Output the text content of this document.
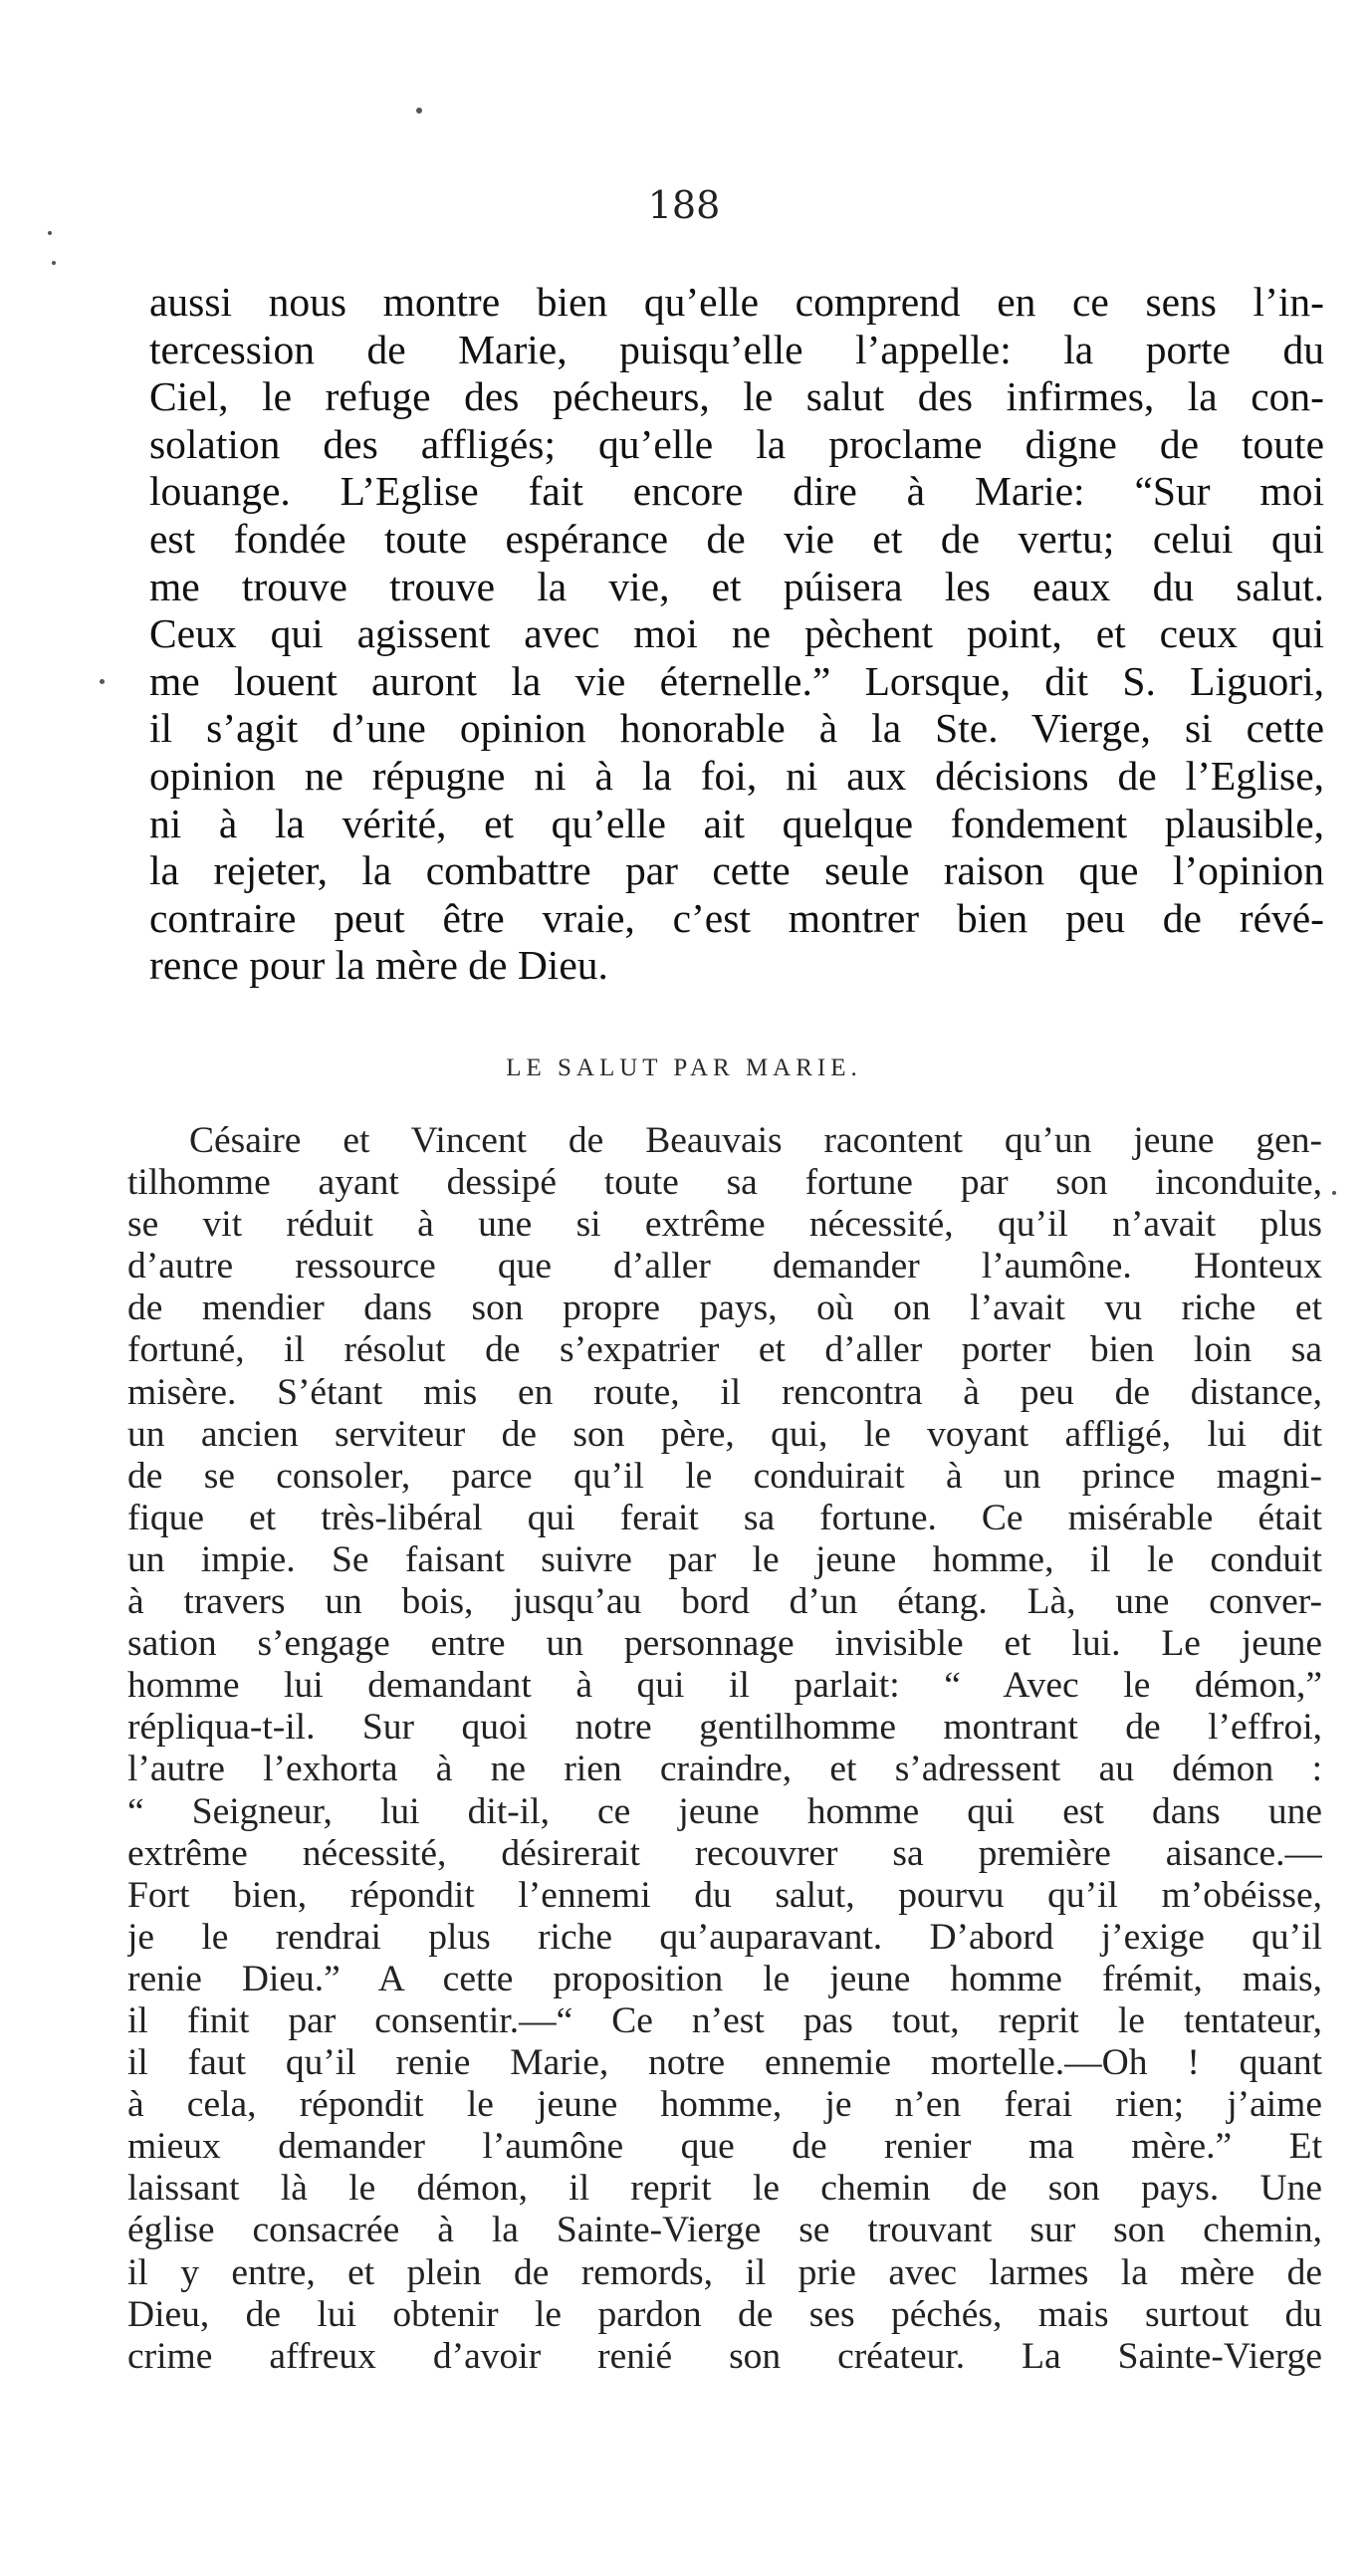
188
aussi nous montre bien qu’elle comprend en ce sens l’in-
tercession de Marie, puisqu’elle l’appelle: la porte du
Ciel, le refuge des pécheurs, le salut des infirmes, la con-
solation des affligés; qu’elle la proclame digne de toute
louange. L’Eglise fait encore dire à Marie: “Sur moi
est fondée toute espérance de vie et de vertu; celui qui
me trouve trouve la vie, et púisera les eaux du salut.
Ceux qui agissent avec moi ne pèchent point, et ceux qui
me louent auront la vie éternelle.” Lorsque, dit S. Liguori,
il s’agit d’une opinion honorable à la Ste. Vierge, si cette
opinion ne répugne ni à la foi, ni aux décisions de l’Eglise,
ni à la vérité, et qu’elle ait quelque fondement plausible,
la rejeter, la combattre par cette seule raison que l’opinion
contraire peut être vraie, c’est montrer bien peu de révé-
rence pour la mère de Dieu.
LE SALUT PAR MARIE.
Césaire et Vincent de Beauvais racontent qu’un jeune gen-
tilhomme ayant dessipé toute sa fortune par son inconduite,
se vit réduit à une si extrême nécessité, qu’il n’avait plus
d’autre ressource que d’aller demander l’aumône. Honteux
de mendier dans son propre pays, où on l’avait vu riche et
fortuné, il résolut de s’expatrier et d’aller porter bien loin sa
misère. S’étant mis en route, il rencontra à peu de distance,
un ancien serviteur de son père, qui, le voyant affligé, lui dit
de se consoler, parce qu’il le conduirait à un prince magni-
fique et très-libéral qui ferait sa fortune. Ce misérable était
un impie. Se faisant suivre par le jeune homme, il le conduit
à travers un bois, jusqu’au bord d’un étang. Là, une conver-
sation s’engage entre un personnage invisible et lui. Le jeune
homme lui demandant à qui il parlait: “ Avec le démon,”
répliqua-t-il. Sur quoi notre gentilhomme montrant de l’effroi,
l’autre l’exhorta à ne rien craindre, et s’adressent au démon :
“ Seigneur, lui dit-il, ce jeune homme qui est dans une
extrême nécessité, désirerait recouvrer sa première aisance.—
Fort bien, répondit l’ennemi du salut, pourvu qu’il m’obéisse,
je le rendrai plus riche qu’auparavant. D’abord j’exige qu’il
renie Dieu.” A cette proposition le jeune homme frémit, mais,
il finit par consentir.—“ Ce n’est pas tout, reprit le tentateur,
il faut qu’il renie Marie, notre ennemie mortelle.—Oh ! quant
à cela, répondit le jeune homme, je n’en ferai rien; j’aime
mieux demander l’aumône que de renier ma mère.” Et
laissant là le démon, il reprit le chemin de son pays. Une
église consacrée à la Sainte-Vierge se trouvant sur son chemin,
il y entre, et plein de remords, il prie avec larmes la mère de
Dieu, de lui obtenir le pardon de ses péchés, mais surtout du
crime affreux d’avoir renié son créateur. La Sainte-Vierge
